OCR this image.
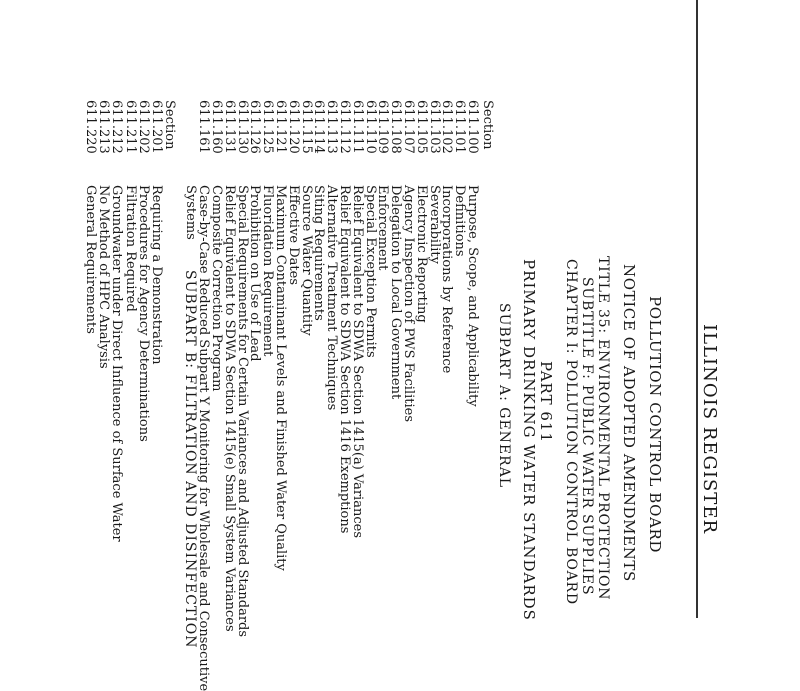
ILLINOIS REGISTER
POLLUTION CONTROL BOARD
NOTICE OF ADOPTED AMENDMENTS
TITLE 35: ENVIRONMENTAL PROTECTION
SUBTITLE F: PUBLIC WATER SUPPLIES
CHAPTER I: POLLUTION CONTROL BOARD
PART 611
PRIMARY DRINKING WATER STANDARDS
SUBPART A: GENERAL
Section
611.100
Purpose, Scope, and Applicability
611.101
Definitions
611.102
Incorporations by Reference
611.103
Severability
611.105
Electronic Reporting
611.107
Agency Inspection of PWS Facilities
611.108
Delegation to Local Government
611.109
Enforcement
611.110
Special Exception Permits
611.111
Relief Equivalent to SDWA Section 1415(a) Variances
611.112
Relief Equivalent to SDWA Section 1416 Exemptions
611.113
Alternative Treatment Techniques
611.114
Siting Requirements
611.115
Source Water Quantity
611.120
Effective Dates
611.121
Maximum Contaminant Levels and Finished Water Quality
611.125
Fluoridation Requirement
611.126
Prohibition on Use of Lead
611.130
Special Requirements for Certain Variances and Adjusted Standards
611.131
Relief Equivalent to SDWA Section 1415(e) Small System Variances
611.160
Composite Correction Program
611.161
Case-by-Case Reduced Subpart Y Monitoring for Wholesale and Consecutive
Systems
SUBPART B: FILTRATION AND DISINFECTION
Section
611.201
Requiring a Demonstration
611.202
Procedures for Agency Determinations
611.211
Filtration Required
611.212
Groundwater under Direct Influence of Surface Water
611.213
No Method of HPC Analysis
611.220
General Requirements
